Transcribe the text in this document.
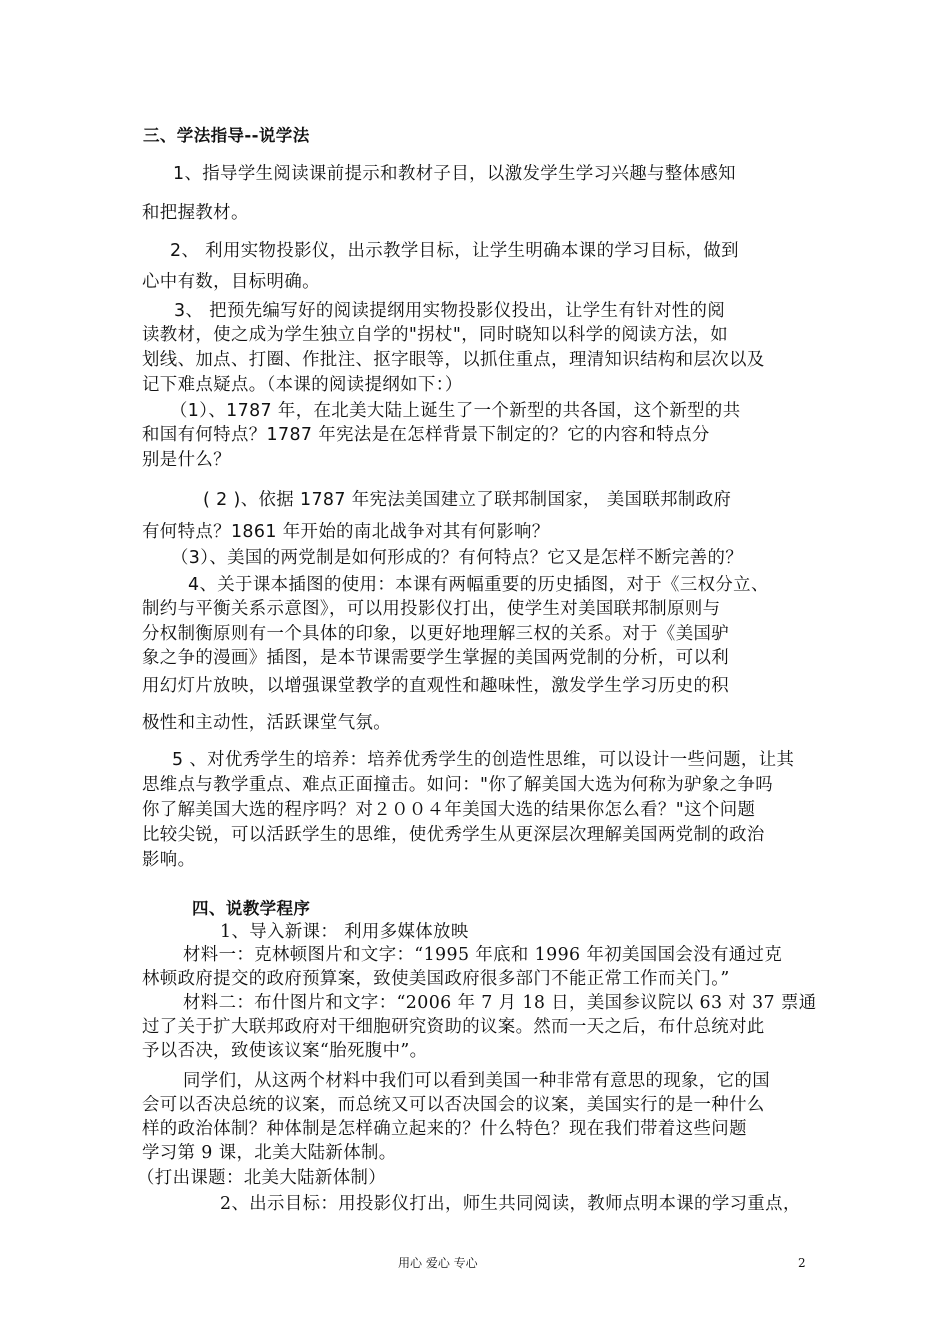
三、学法指导--说学法
1、指导学生阅读课前提示和教材子目，以激发学生学习兴趣与整体感知
和把握教材。
2、 利用实物投影仪，出示教学目标，让学生明确本课的学习目标，做到
心中有数，目标明确。
3、 把预先编写好的阅读提纲用实物投影仪投出，让学生有针对性的阅
读教材，使之成为学生独立自学的"拐杖"，同时晓知以科学的阅读方法，如
划线、加点、打圈、作批注、抠字眼等，以抓住重点，理清知识结构和层次以及
记下难点疑点。（本课的阅读提纲如下：）
（1）、1787 年，在北美大陆上诞生了一个新型的共各国，这个新型的共
和国有何特点？1787 年宪法是在怎样背景下制定的？它的内容和特点分
别是什么？
( 2 )、依据 1787 年宪法美国建立了联邦制国家， 美国联邦制政府
有何特点？1861 年开始的南北战争对其有何影响？
（3）、美国的两党制是如何形成的？有何特点？它又是怎样不断完善的？
4、关于课本插图的使用：本课有两幅重要的历史插图，对于《三权分立、
制约与平衡关系示意图》，可以用投影仪打出，使学生对美国联邦制原则与
分权制衡原则有一个具体的印象，以更好地理解三权的关系。对于《美国驴
象之争的漫画》插图，是本节课需要学生掌握的美国两党制的分析，可以利
用幻灯片放映，以增强课堂教学的直观性和趣味性，激发学生学习历史的积
极性和主动性，活跃课堂气氛。
5 、对优秀学生的培养：培养优秀学生的创造性思维，可以设计一些问题，让其
思维点与教学重点、难点正面撞击。如问："你了解美国大选为何称为驴象之争吗
你了解美国大选的程序吗？对２００４年美国大选的结果你怎么看？"这个问题
比较尖锐，可以活跃学生的思维，使优秀学生从更深层次理解美国两党制的政治
影响。
四、说教学程序
1、导入新课： 利用多媒体放映
材料一：克林顿图片和文字：“1995 年底和 1996 年初美国国会没有通过克
林顿政府提交的政府预算案，致使美国政府很多部门不能正常工作而关门。”
材料二：布什图片和文字：“2006 年 7 月 18 日，美国参议院以 63 对 37 票通
过了关于扩大联邦政府对干细胞研究资助的议案。然而一天之后，布什总统对此
予以否决，致使该议案“胎死腹中”。
同学们，从这两个材料中我们可以看到美国一种非常有意思的现象，它的国
会可以否决总统的议案，而总统又可以否决国会的议案，美国实行的是一种什么
样的政治体制？种体制是怎样确立起来的？什么特色？现在我们带着这些问题
学习第 9 课，北美大陆新体制。
（打出课题：北美大陆新体制）
2、出示目标：用投影仪打出，师生共同阅读，教师点明本课的学习重点，
用心 爱心 专心	2
